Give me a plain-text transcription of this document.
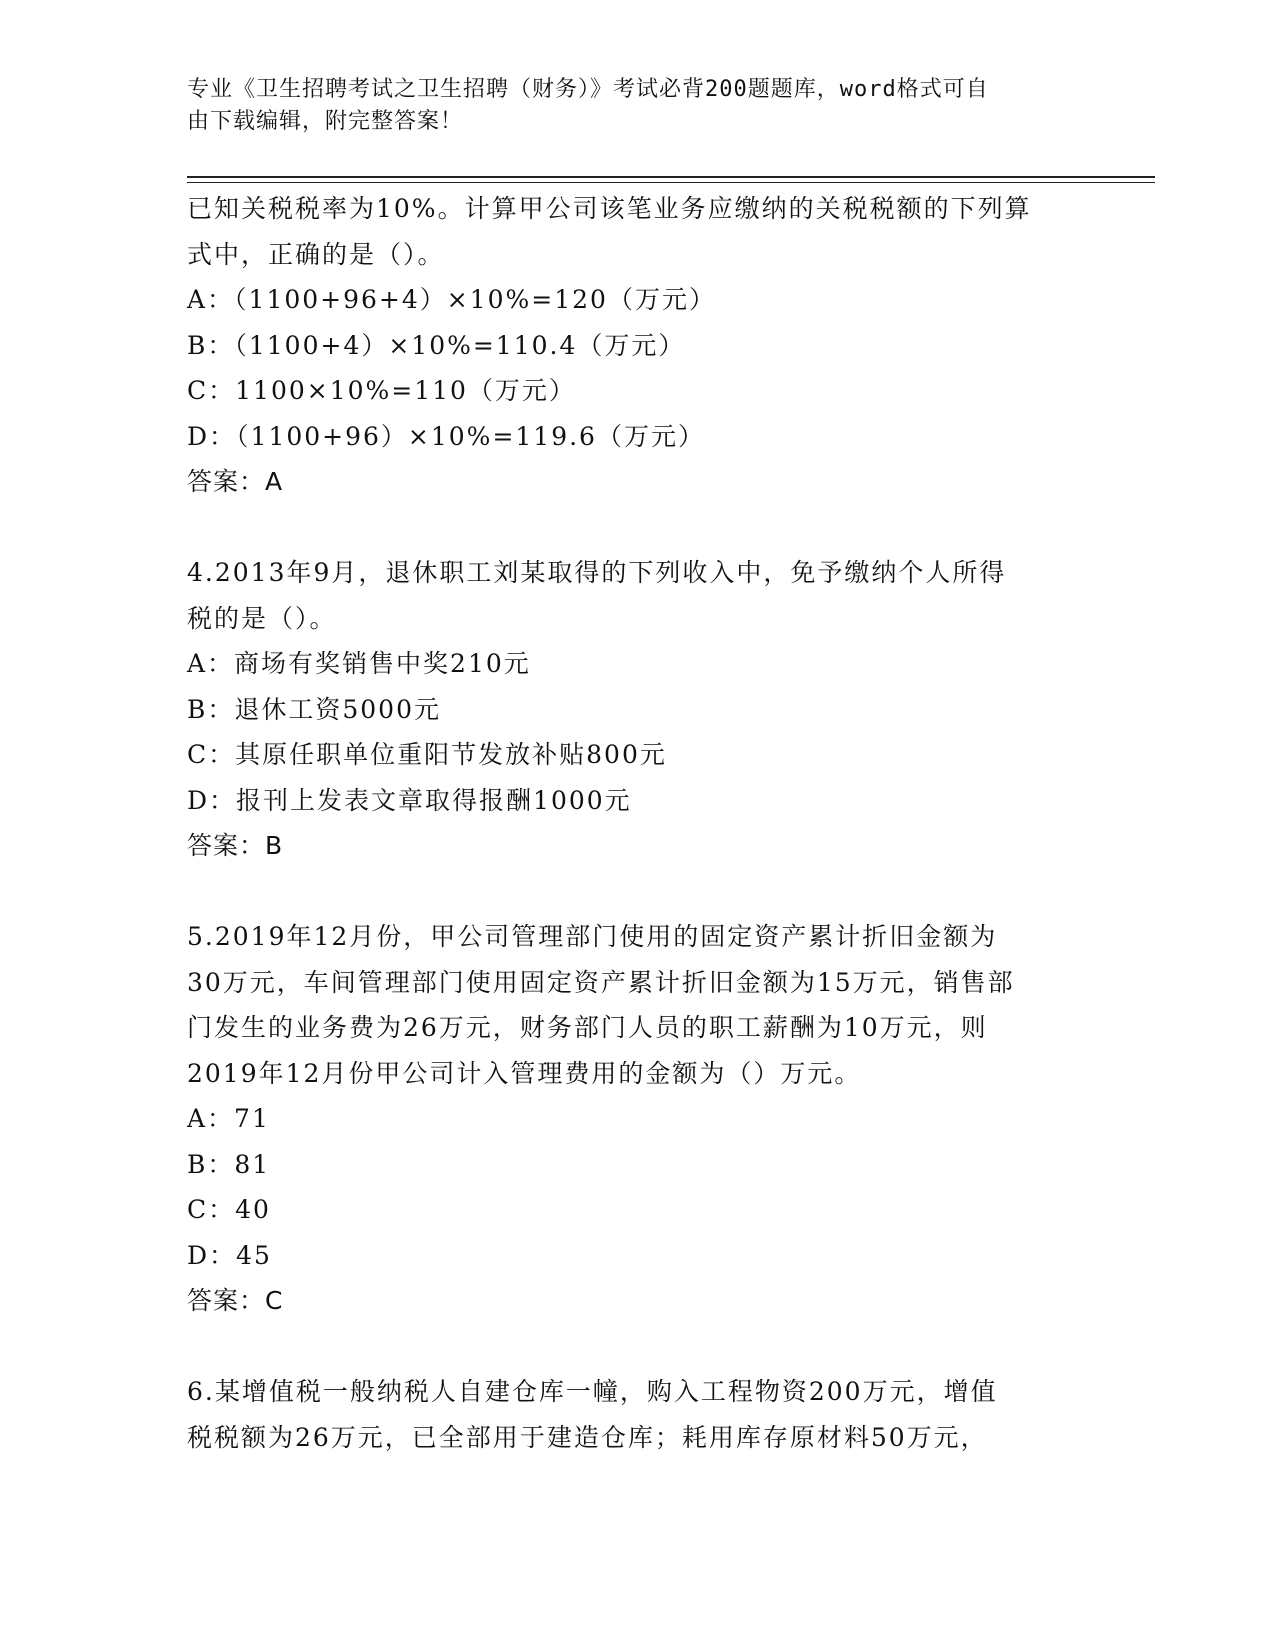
专业《卫生招聘考试之卫生招聘（财务）》考试必背200题题库，word格式可自
由下载编辑，附完整答案！
已知关税税率为10%。计算甲公司该笔业务应缴纳的关税税额的下列算
式中，正确的是（）。
A：（1100+96+4）×10%=120（万元）
B：（1100+4）×10%=110.4（万元）
C：1100×10%=110（万元）
D：（1100+96）×10%=119.6（万元）
答案：A
4.2013年9月，退休职工刘某取得的下列收入中，免予缴纳个人所得
税的是（）。
A：商场有奖销售中奖210元
B：退休工资5000元
C：其原任职单位重阳节发放补贴800元
D：报刊上发表文章取得报酬1000元
答案：B
5.2019年12月份，甲公司管理部门使用的固定资产累计折旧金额为
30万元，车间管理部门使用固定资产累计折旧金额为15万元，销售部
门发生的业务费为26万元，财务部门人员的职工薪酬为10万元，则
2019年12月份甲公司计入管理费用的金额为（）万元。
A：71
B：81
C：40
D：45
答案：C
6.某增值税一般纳税人自建仓库一幢，购入工程物资200万元，增值
税税额为26万元，已全部用于建造仓库；耗用库存原材料50万元，
